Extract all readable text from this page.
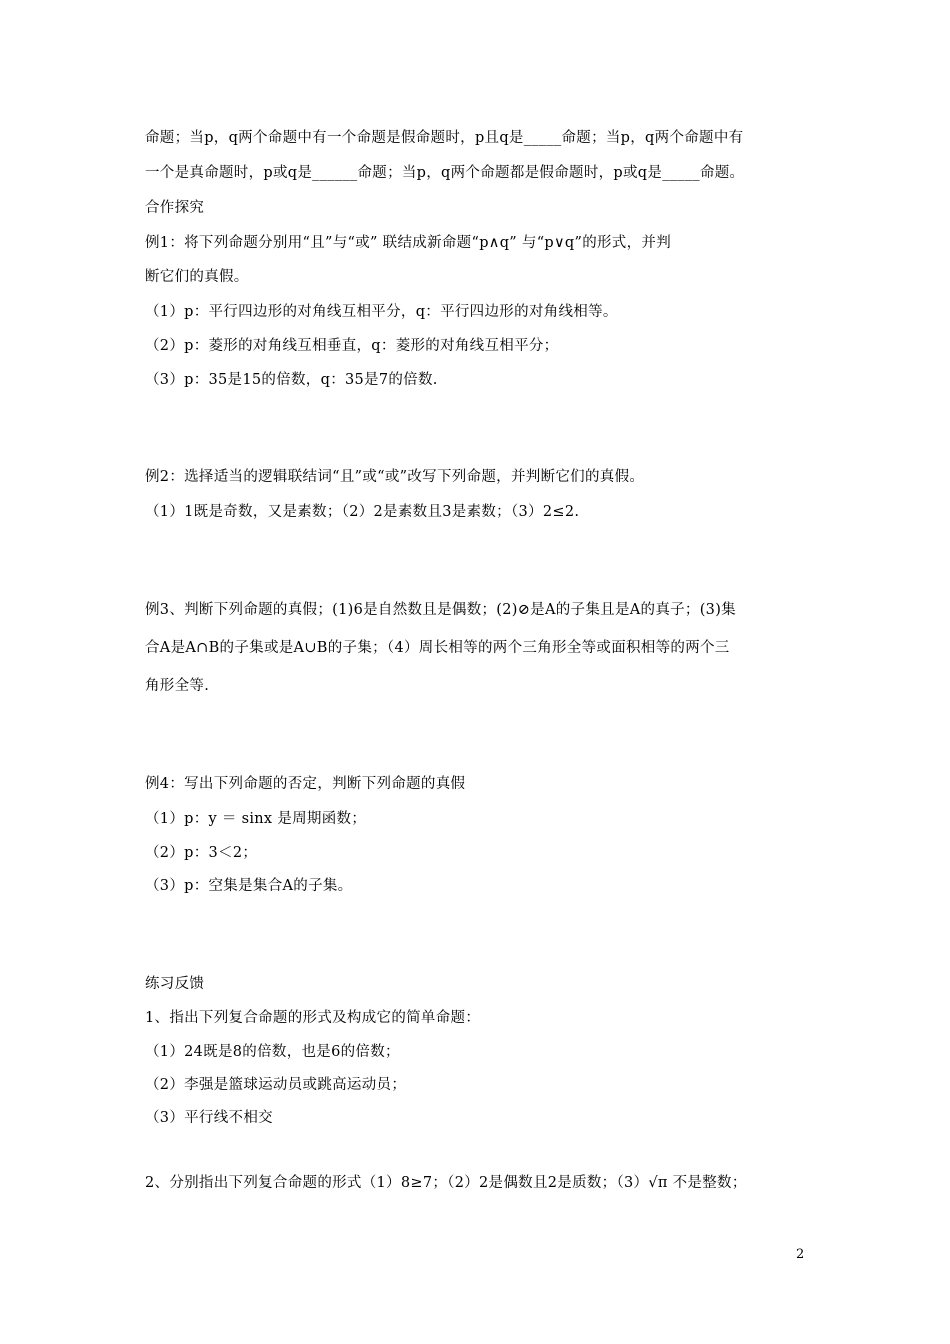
命题；当p，q两个命题中有一个命题是假命题时，p且q是_____命题；当p，q两个命题中有
一个是真命题时，p或q是______命题；当p，q两个命题都是假命题时，p或q是_____命题。
合作探究
例1：将下列命题分别用“且”与“或” 联结成新命题“p∧q” 与“p∨q”的形式，并判
断它们的真假。
（1）p：平行四边形的对角线互相平分，q：平行四边形的对角线相等。
（2）p：菱形的对角线互相垂直，q：菱形的对角线互相平分；
（3）p：35是15的倍数，q：35是7的倍数.
例2：选择适当的逻辑联结词“且”或“或”改写下列命题，并判断它们的真假。
（1）1既是奇数，又是素数；（2）2是素数且3是素数；（3）2≤2.
例3、判断下列命题的真假；(1)6是自然数且是偶数；(2)⊘是A的子集且是A的真子；(3)集
合A是A∩B的子集或是A∪B的子集；（4）周长相等的两个三角形全等或面积相等的两个三
角形全等.
例4：写出下列命题的否定，判断下列命题的真假
（1）p：y ＝ sinx 是周期函数；
（2）p：3＜2；
（3）p：空集是集合A的子集。
练习反馈
1、指出下列复合命题的形式及构成它的简单命题：
（1）24既是8的倍数，也是6的倍数；
（2）李强是篮球运动员或跳高运动员；
（3）平行线不相交
2、分别指出下列复合命题的形式（1）8≥7；（2）2是偶数且2是质数；（3）√π 不是整数；
2
